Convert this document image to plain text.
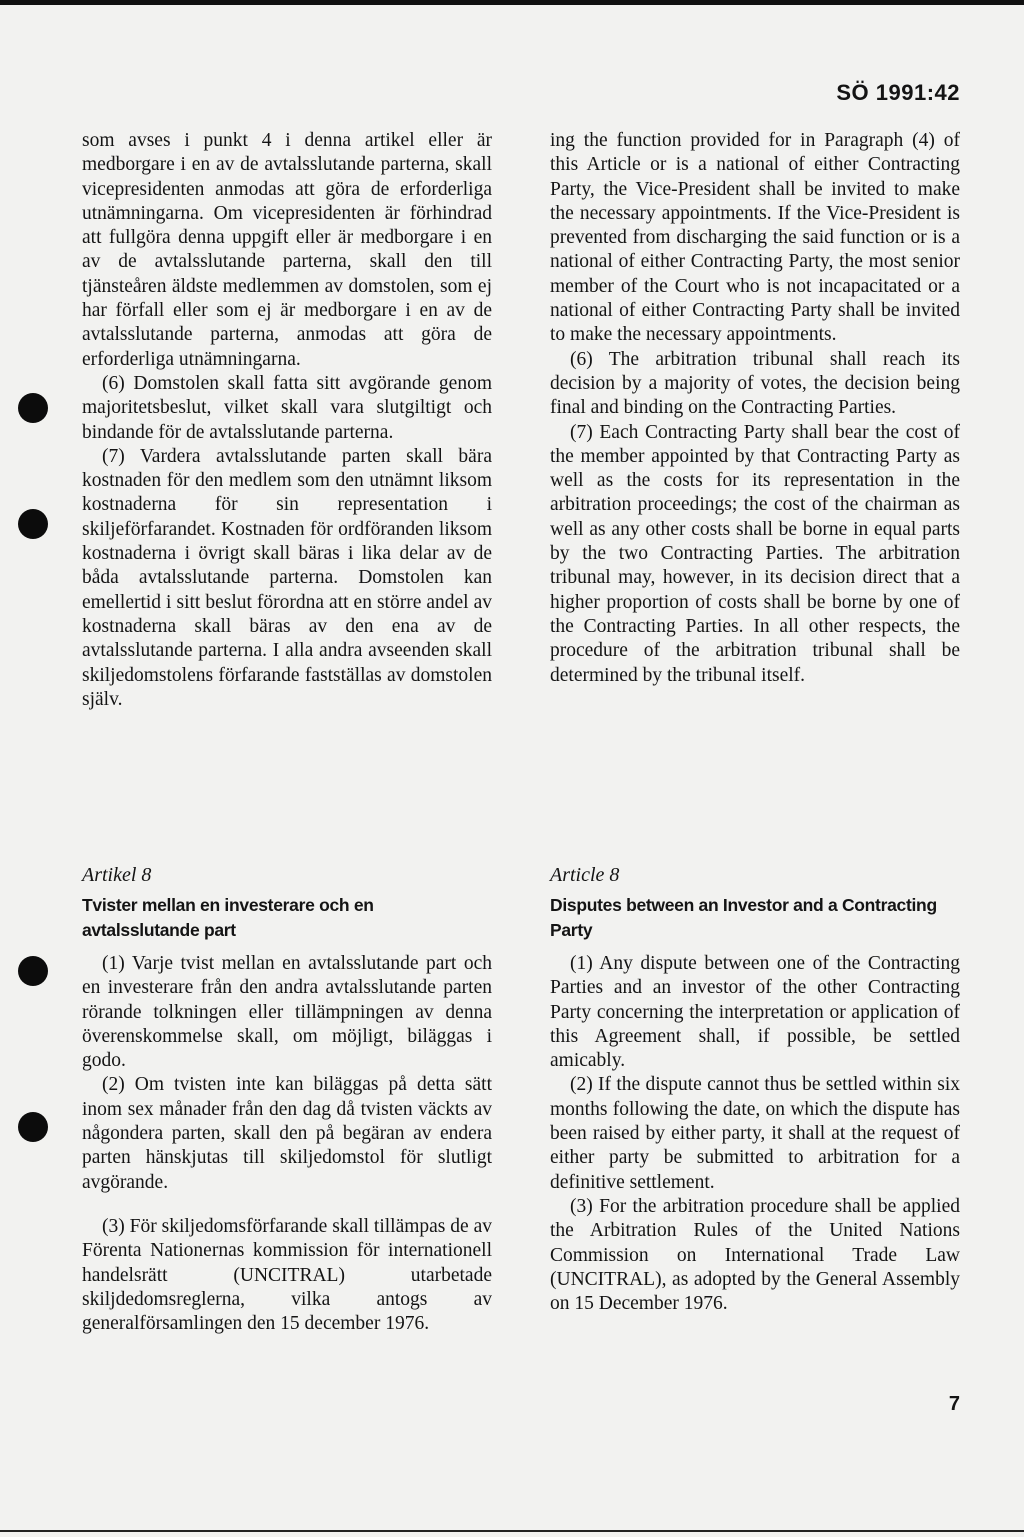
SÖ 1991:42

som avses i punkt 4 i denna artikel eller är medborgare i en av de avtalsslutande parterna, skall vicepresidenten anmodas att göra de erforderliga utnämningarna. Om vicepresidenten är förhindrad att fullgöra denna uppgift eller är medborgare i en av de avtalsslutande parterna, skall den till tjänsteåren äldste medlemmen av domstolen, som ej har förfall eller som ej är medborgare i en av de avtalsslutande parterna, anmodas att göra de erforderliga utnämningarna.

(6) Domstolen skall fatta sitt avgörande genom majoritetsbeslut, vilket skall vara slutgiltigt och bindande för de avtalsslutande parterna.

(7) Vardera avtalsslutande parten skall bära kostnaden för den medlem som den utnämnt liksom kostnaderna för sin representation i skiljeförfarandet. Kostnaden för ordföranden liksom kostnaderna i övrigt skall bäras i lika delar av de båda avtalsslutande parterna. Domstolen kan emellertid i sitt beslut förordna att en större andel av kostnaderna skall bäras av den ena av de avtalsslutande parterna. I alla andra avseenden skall skiljedomstolens förfarande fastställas av domstolen själv.

ing the function provided for in Paragraph (4) of this Article or is a national of either Contracting Party, the Vice-President shall be invited to make the necessary appointments. If the Vice-President is prevented from discharging the said function or is a national of either Contracting Party, the most senior member of the Court who is not incapacitated or a national of either Contracting Party shall be invited to make the necessary appointments.

(6) The arbitration tribunal shall reach its decision by a majority of votes, the decision being final and binding on the Contracting Parties.

(7) Each Contracting Party shall bear the cost of the member appointed by that Contracting Party as well as the costs for its representation in the arbitration proceedings; the cost of the chairman as well as any other costs shall be borne in equal parts by the two Contracting Parties. The arbitration tribunal may, however, in its decision direct that a higher proportion of costs shall be borne by one of the Contracting Parties. In all other respects, the procedure of the arbitration tribunal shall be determined by the tribunal itself.

Artikel 8	Article 8
Tvister mellan en investerare och en avtalsslutande part
Disputes between an Investor and a Contracting Party

(1) Varje tvist mellan en avtalsslutande part och en investerare från den andra avtalsslutande parten rörande tolkningen eller tillämpningen av denna överenskommelse skall, om möjligt, biläggas i godo.

(2) Om tvisten inte kan biläggas på detta sätt inom sex månader från den dag då tvisten väckts av någondera parten, skall den på begäran av endera parten hänskjutas till skiljedomstol för slutligt avgörande.

(3) För skiljedomsförfarande skall tillämpas de av Förenta Nationernas kommission för internationell handelsrätt (UNCITRAL) utarbetade skiljdedomsreglerna, vilka antogs av generalförsamlingen den 15 december 1976.

(1) Any dispute between one of the Contracting Parties and an investor of the other Contracting Party concerning the interpretation or application of this Agreement shall, if possible, be settled amicably.

(2) If the dispute cannot thus be settled within six months following the date, on which the dispute has been raised by either party, it shall at the request of either party be submitted to arbitration for a definitive settlement.

(3) For the arbitration procedure shall be applied the Arbitration Rules of the United Nations Commission on International Trade Law (UNCITRAL), as adopted by the General Assembly on 15 December 1976.

7
